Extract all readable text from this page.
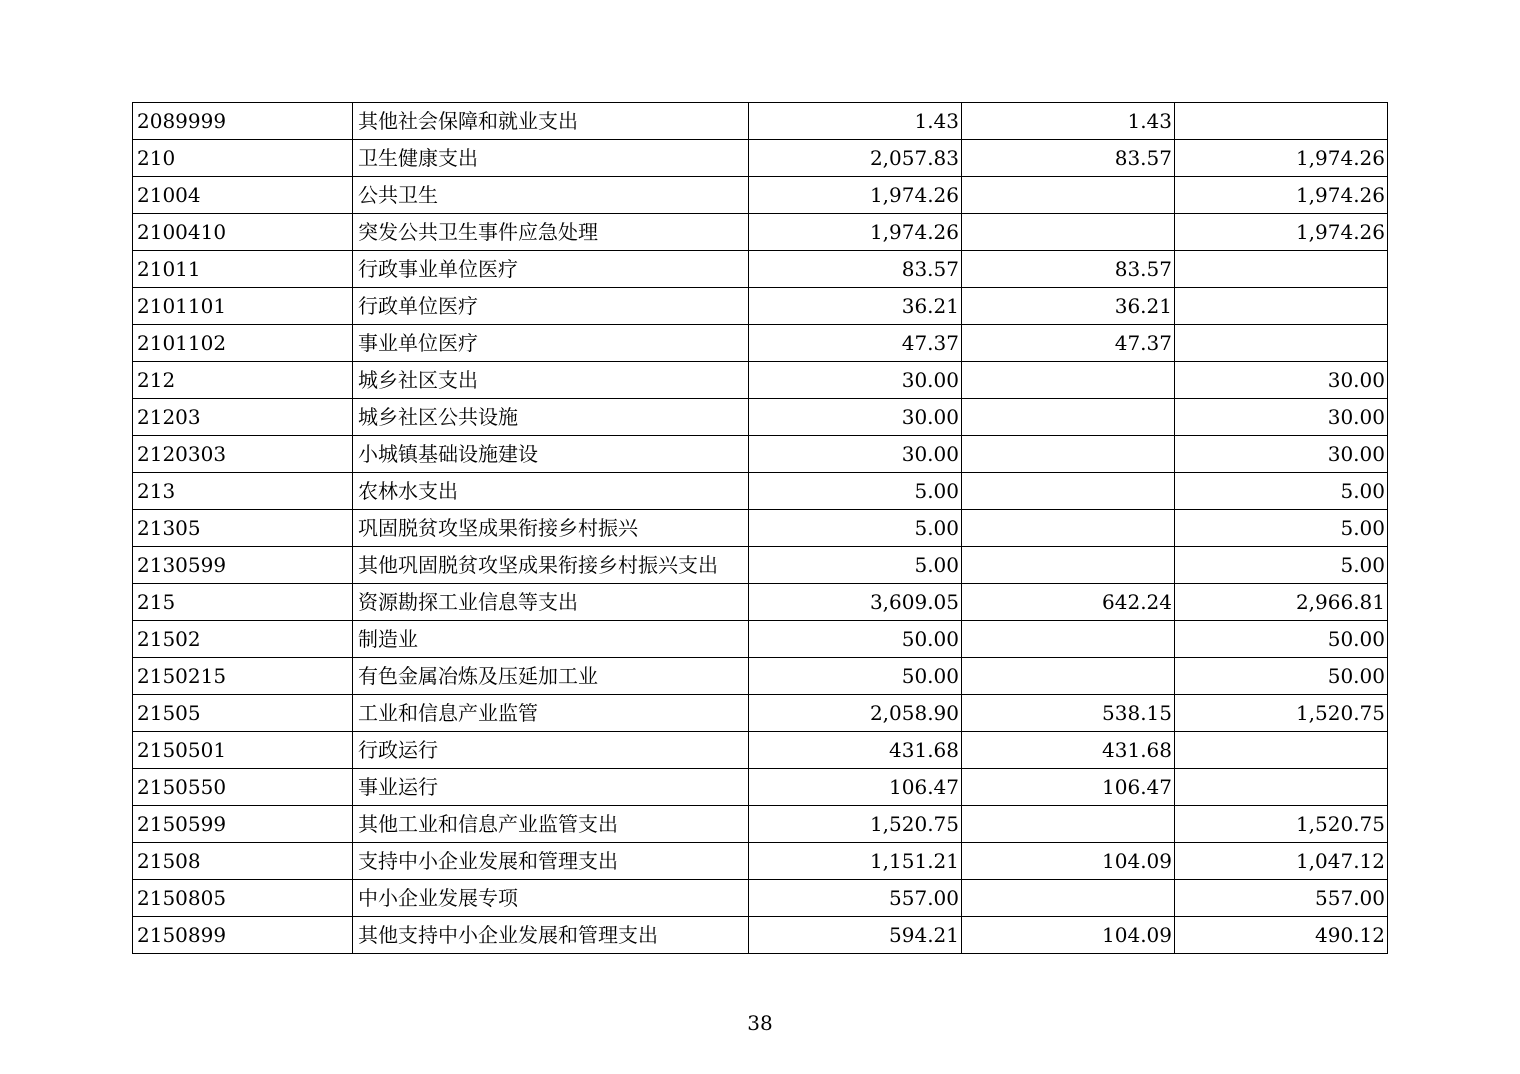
2089999	其他社会保障和就业支出	1.43	1.43	
210	卫生健康支出	2,057.83	83.57	1,974.26
21004	公共卫生	1,974.26		1,974.26
2100410	突发公共卫生事件应急处理	1,974.26		1,974.26
21011	行政事业单位医疗	83.57	83.57	
2101101	行政单位医疗	36.21	36.21	
2101102	事业单位医疗	47.37	47.37	
212	城乡社区支出	30.00		30.00
21203	城乡社区公共设施	30.00		30.00
2120303	小城镇基础设施建设	30.00		30.00
213	农林水支出	5.00		5.00
21305	巩固脱贫攻坚成果衔接乡村振兴	5.00		5.00
2130599	其他巩固脱贫攻坚成果衔接乡村振兴支出	5.00		5.00
215	资源勘探工业信息等支出	3,609.05	642.24	2,966.81
21502	制造业	50.00		50.00
2150215	有色金属冶炼及压延加工业	50.00		50.00
21505	工业和信息产业监管	2,058.90	538.15	1,520.75
2150501	行政运行	431.68	431.68	
2150550	事业运行	106.47	106.47	
2150599	其他工业和信息产业监管支出	1,520.75		1,520.75
21508	支持中小企业发展和管理支出	1,151.21	104.09	1,047.12
2150805	中小企业发展专项	557.00		557.00
2150899	其他支持中小企业发展和管理支出	594.21	104.09	490.12
38
